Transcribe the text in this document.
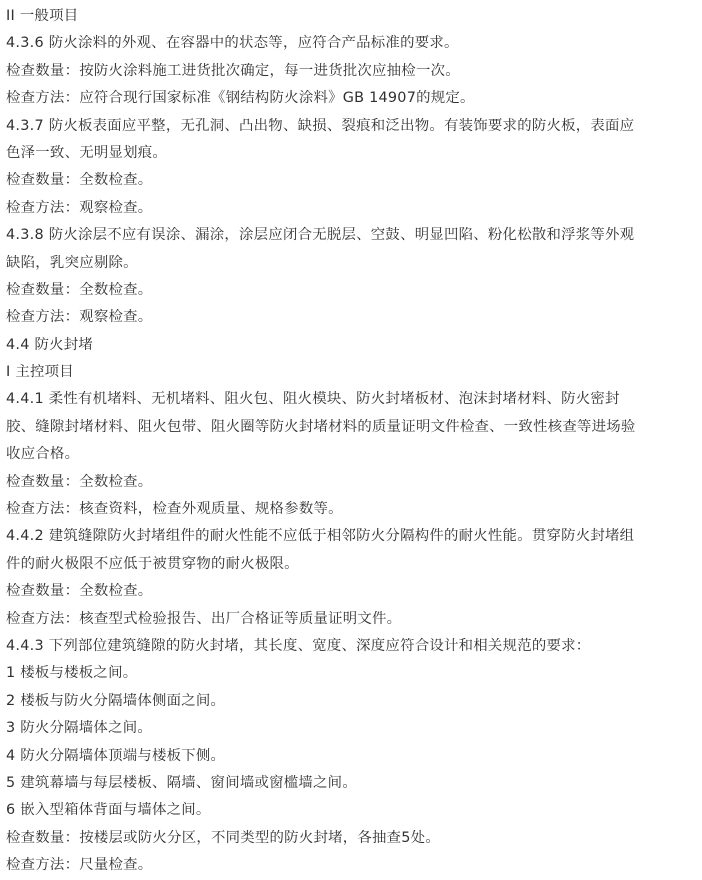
II 一般项目
4.3.6 防火涂料的外观、在容器中的状态等，应符合产品标准的要求。
检查数量：按防火涂料施工进货批次确定，每一进货批次应抽检一次。
检查方法：应符合现行国家标准《钢结构防火涂料》GB 14907的规定。
4.3.7 防火板表面应平整，无孔洞、凸出物、缺损、裂痕和泛出物。有装饰要求的防火板，表面应
色泽一致、无明显划痕。
检查数量：全数检查。
检查方法：观察检查。
4.3.8 防火涂层不应有误涂、漏涂，涂层应闭合无脱层、空鼓、明显凹陷、粉化松散和浮浆等外观
缺陷，乳突应剔除。
检查数量：全数检查。
检查方法：观察检查。
4.4 防火封堵
I 主控项目
4.4.1 柔性有机堵料、无机堵料、阻火包、阻火模块、防火封堵板材、泡沫封堵材料、防火密封
胶、缝隙封堵材料、阻火包带、阻火圈等防火封堵材料的质量证明文件检查、一致性核查等进场验
收应合格。
检查数量：全数检查。
检查方法：核查资料，检查外观质量、规格参数等。
4.4.2 建筑缝隙防火封堵组件的耐火性能不应低于相邻防火分隔构件的耐火性能。贯穿防火封堵组
件的耐火极限不应低于被贯穿物的耐火极限。
检查数量：全数检查。
检查方法：核查型式检验报告、出厂合格证等质量证明文件。
4.4.3 下列部位建筑缝隙的防火封堵，其长度、宽度、深度应符合设计和相关规范的要求：
1 楼板与楼板之间。
2 楼板与防火分隔墙体侧面之间。
3 防火分隔墙体之间。
4 防火分隔墙体顶端与楼板下侧。
5 建筑幕墙与每层楼板、隔墙、窗间墙或窗槛墙之间。
6 嵌入型箱体背面与墙体之间。
检查数量：按楼层或防火分区，不同类型的防火封堵，各抽查5处。
检查方法：尺量检查。
